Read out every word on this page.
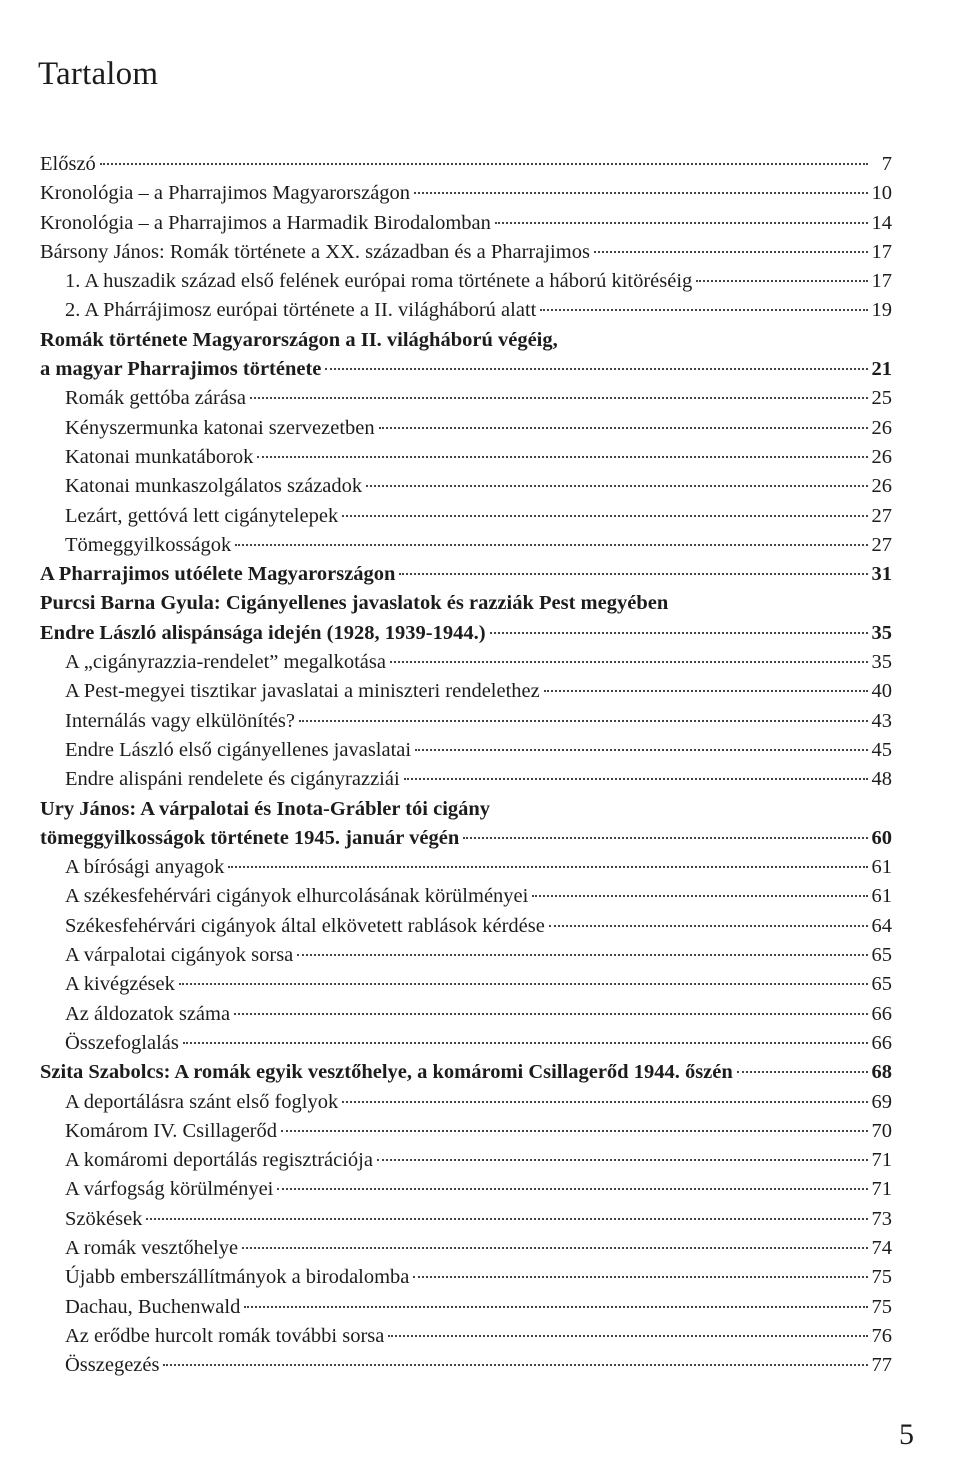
Tartalom
Előszó	7
Kronológia – a Pharrajimos Magyarországon	10
Kronológia – a Pharrajimos a Harmadik Birodalomban	14
Bársony János: Romák története a XX. században és a Pharrajimos	17
1. A huszadik század első felének európai roma története a háború kitöréséig	17
2. A Phárrájimosz európai története a II. világháború alatt	19
Romák története Magyarországon a II. világháború végéig,
a magyar Pharrajimos története	21
Romák gettóba zárása	25
Kényszermunka katonai szervezetben	26
Katonai munkatáborok	26
Katonai munkaszolgálatos századok	26
Lezárt, gettóvá lett cigánytelepek	27
Tömeggyilkosságok	27
A Pharrajimos utóélete Magyarországon	31
Purcsi Barna Gyula: Cigányellenes javaslatok és razziák Pest megyében
Endre László alispánsága idején (1928, 1939-1944.)	35
A „cigányrazzia-rendelet” megalkotása	35
A Pest-megyei tisztikar javaslatai a miniszteri rendelethez	40
Internálás vagy elkülönítés?	43
Endre László első cigányellenes javaslatai	45
Endre alispáni rendelete és cigányrazziái	48
Ury János: A várpalotai és Inota-Grábler tói cigány
tömeggyilkosságok története 1945. január végén	60
A bírósági anyagok	61
A székesfehérvári cigányok elhurcolásának körülményei	61
Székesfehérvári cigányok által elkövetett rablások kérdése	64
A várpalotai cigányok sorsa	65
A kivégzések	65
Az áldozatok száma	66
Összefoglalás	66
Szita Szabolcs: A romák egyik vesztőhelye, a komáromi Csillagerőd 1944. őszén	68
A deportálásra szánt első foglyok	69
Komárom IV. Csillagerőd	70
A komáromi deportálás regisztrációja	71
A várfogság körülményei	71
Szökések	73
A romák vesztőhelye	74
Újabb emberszállítmányok a birodalomba	75
Dachau, Buchenwald	75
Az erődbe hurcolt romák további sorsa	76
Összegezés	77
5
